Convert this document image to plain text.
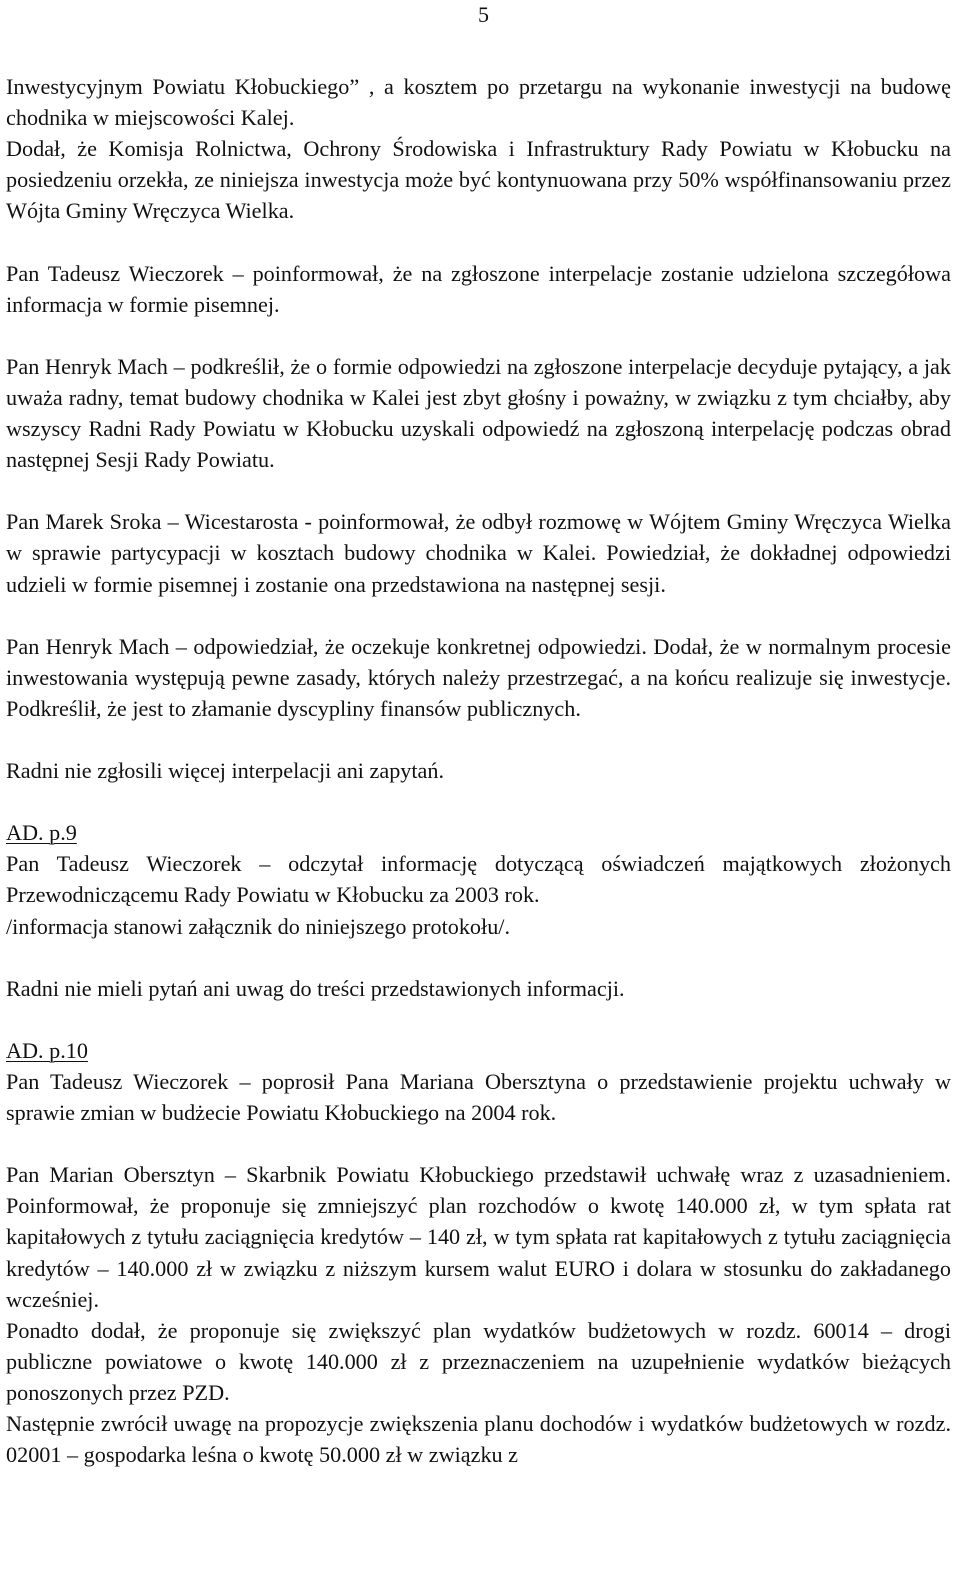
5

Inwestycyjnym Powiatu Kłobuckiego” , a kosztem po przetargu na wykonanie inwestycji na budowę chodnika w miejscowości Kalej.

Dodał, że Komisja Rolnictwa, Ochrony Środowiska i Infrastruktury Rady Powiatu w Kłobucku na posiedzeniu orzekła, ze niniejsza inwestycja może być kontynuowana przy 50% współfinansowaniu przez Wójta Gminy Wręczyca Wielka.

Pan Tadeusz Wieczorek – poinformował, że na zgłoszone interpelacje zostanie udzielona szczegółowa informacja w formie pisemnej.

Pan Henryk Mach – podkreślił, że o formie odpowiedzi na zgłoszone interpelacje decyduje pytający, a jak uważa radny, temat budowy chodnika w Kalei jest zbyt głośny i poważny, w związku z tym chciałby, aby wszyscy Radni Rady Powiatu w Kłobucku uzyskali odpowiedź na zgłoszoną interpelację podczas obrad następnej Sesji Rady Powiatu.

Pan Marek Sroka – Wicestarosta - poinformował, że odbył rozmowę w Wójtem Gminy Wręczyca Wielka w sprawie partycypacji w kosztach budowy chodnika w Kalei. Powiedział, że dokładnej odpowiedzi udzieli w formie pisemnej i zostanie ona przedstawiona na następnej sesji.

Pan Henryk Mach – odpowiedział, że oczekuje konkretnej odpowiedzi. Dodał, że w normalnym procesie inwestowania występują pewne zasady, których należy przestrzegać, a na końcu realizuje się inwestycje. Podkreślił, że jest to złamanie dyscypliny finansów publicznych.

Radni nie zgłosili więcej interpelacji ani zapytań.

AD. p.9

Pan Tadeusz Wieczorek – odczytał informację dotyczącą oświadczeń majątkowych złożonych Przewodniczącemu Rady Powiatu w Kłobucku za 2003 rok.

/informacja stanowi załącznik do niniejszego protokołu/.

Radni nie mieli pytań ani uwag do treści przedstawionych informacji.

AD. p.10

Pan Tadeusz Wieczorek – poprosił Pana Mariana Obersztyna o przedstawienie projektu uchwały w sprawie zmian w budżecie Powiatu Kłobuckiego na 2004 rok.

Pan Marian Obersztyn – Skarbnik Powiatu Kłobuckiego przedstawił uchwałę wraz z uzasadnieniem. Poinformował, że proponuje się zmniejszyć plan rozchodów o kwotę 140.000 zł, w tym spłata rat kapitałowych z tytułu zaciągnięcia kredytów – 140 zł, w tym spłata rat kapitałowych z tytułu zaciągnięcia kredytów – 140.000 zł w związku z niższym kursem walut EURO i dolara w stosunku do zakładanego wcześniej.

Ponadto dodał, że proponuje się zwiększyć plan wydatków budżetowych w rozdz. 60014 – drogi publiczne powiatowe o kwotę 140.000 zł z przeznaczeniem na uzupełnienie wydatków bieżących ponoszonych przez PZD.

Następnie zwrócił uwagę na propozycje zwiększenia planu dochodów i wydatków budżetowych w rozdz. 02001 – gospodarka leśna o kwotę 50.000 zł w związku z
